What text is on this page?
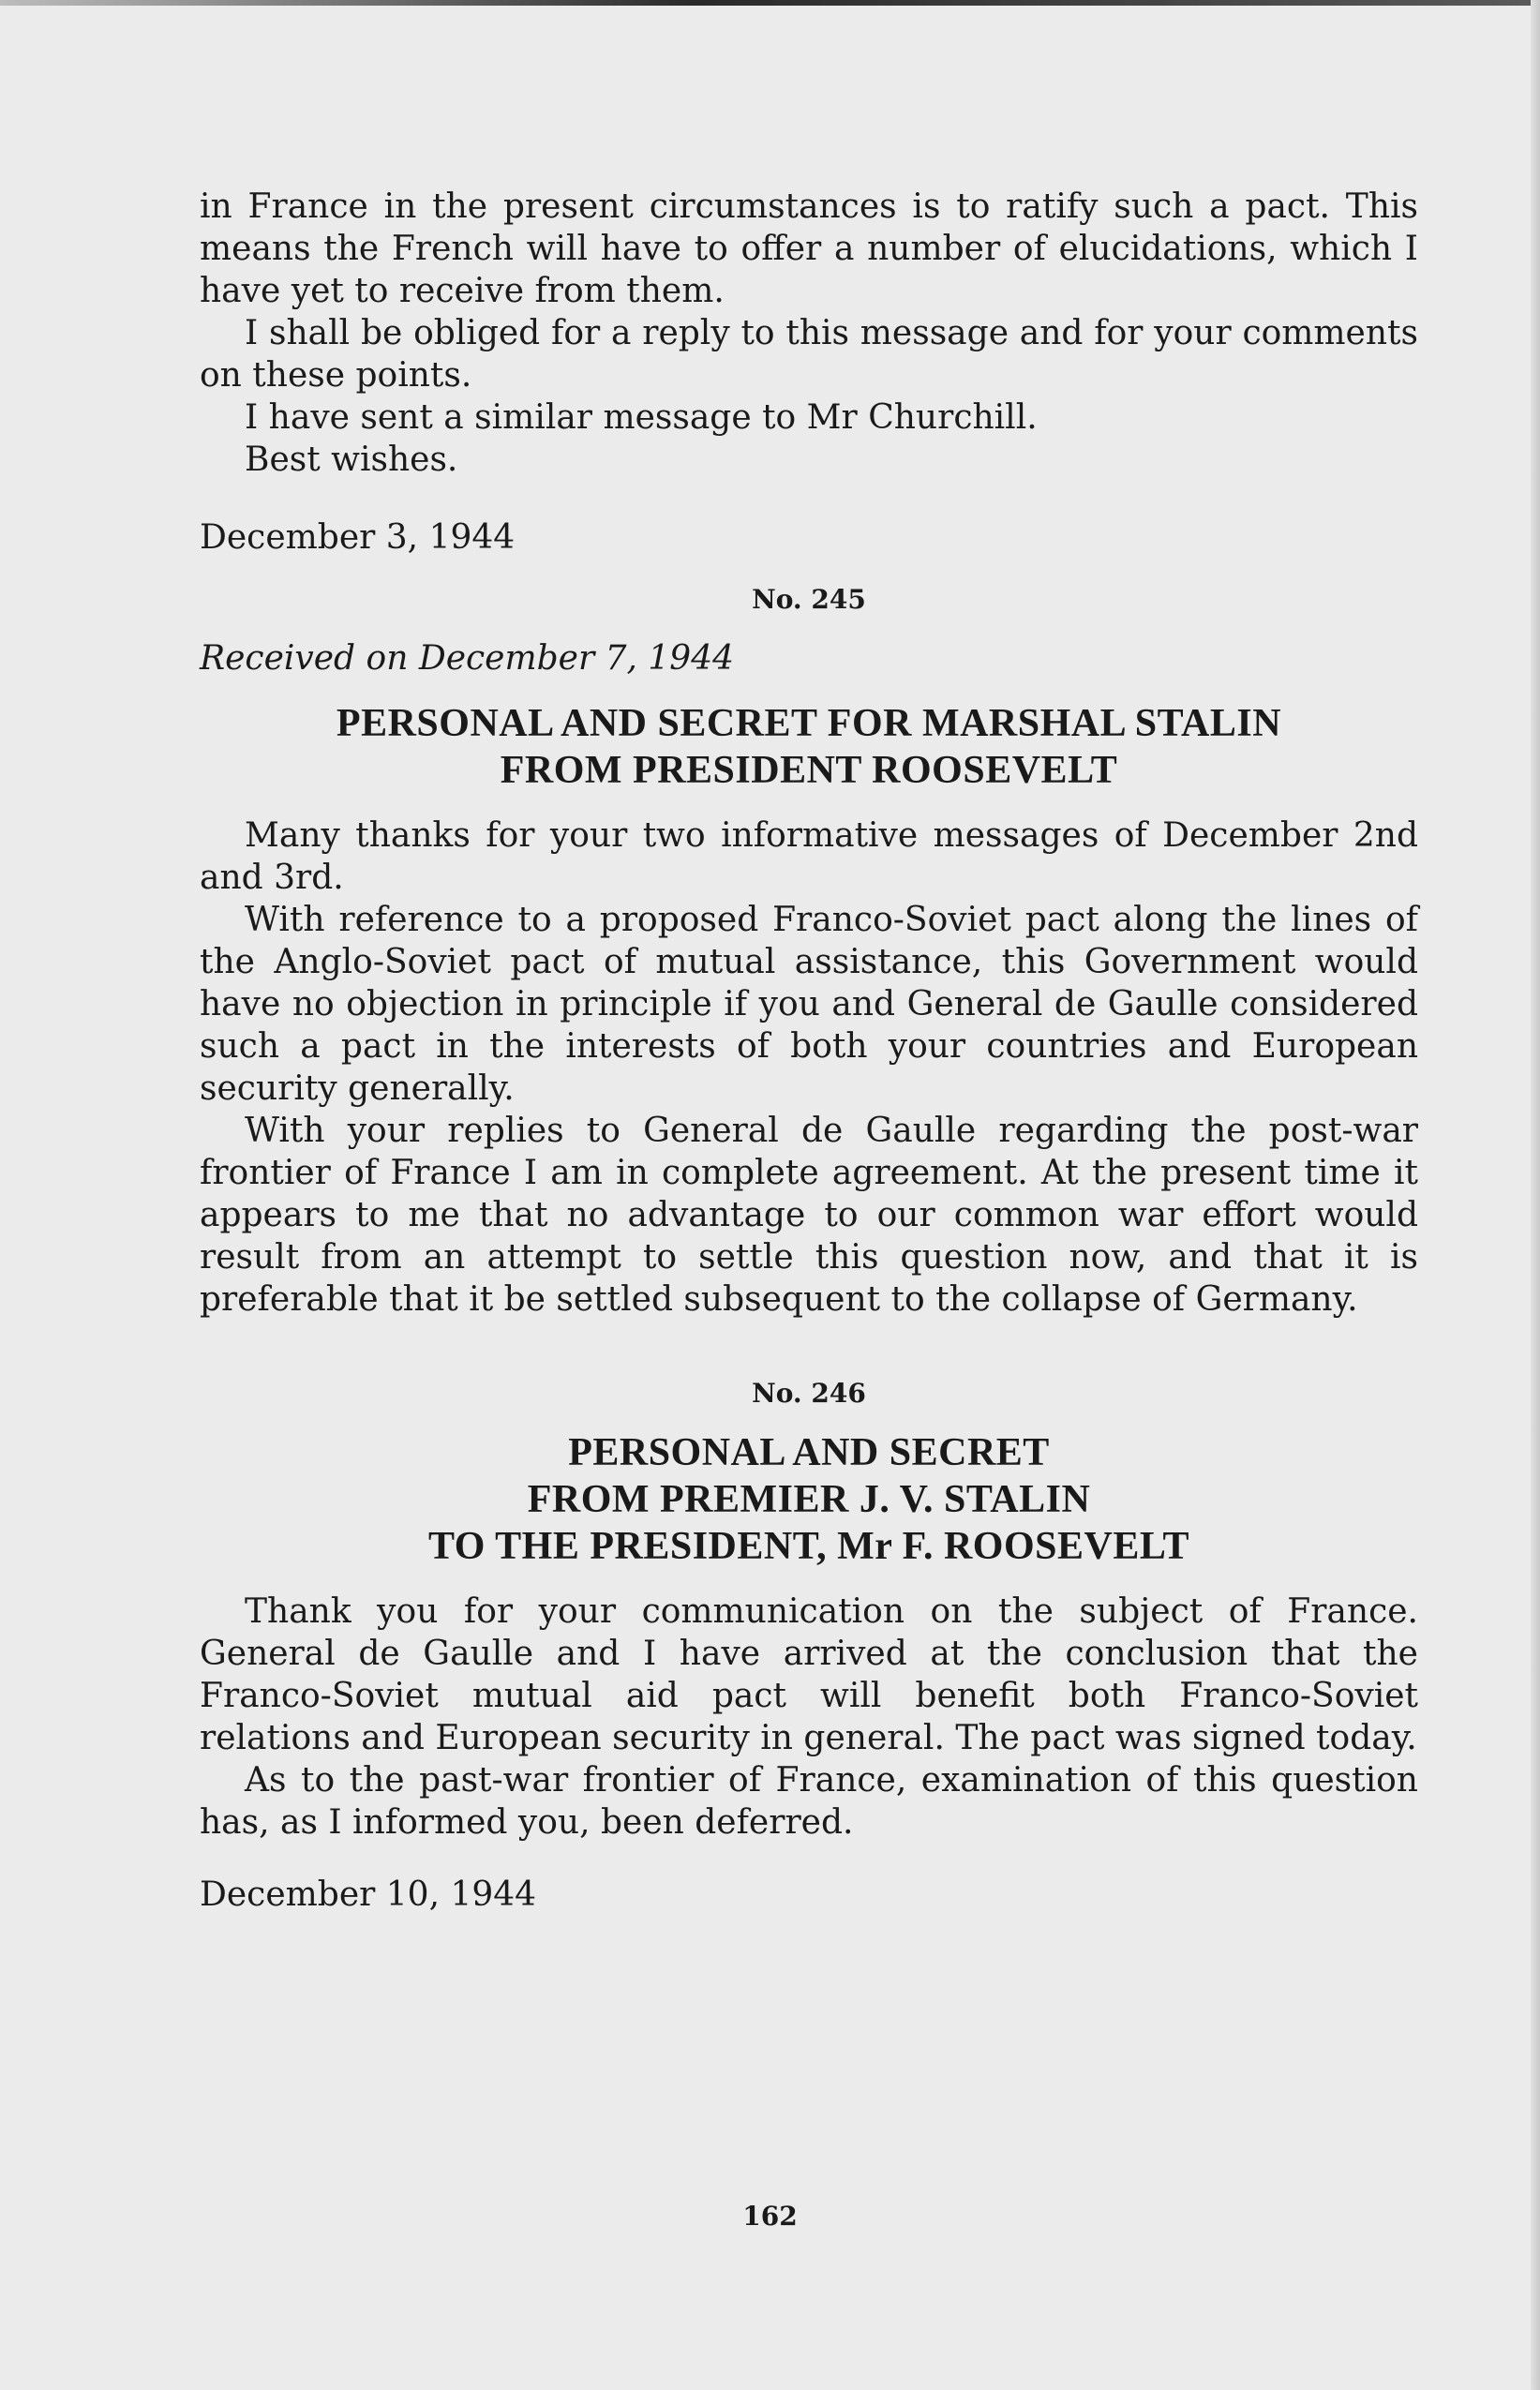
in France in the present circumstances is to ratify such a pact. This means the French will have to offer a number of elucidations, which I have yet to receive from them.

I shall be obliged for a reply to this message and for your comments on these points.

I have sent a similar message to Mr Churchill.

Best wishes.

December 3, 1944
No. 245
Received on December 7, 1944
PERSONAL AND SECRET FOR MARSHAL STALIN
FROM PRESIDENT ROOSEVELT

Many thanks for your two informative messages of December 2nd and 3rd.

With reference to a proposed Franco-Soviet pact along the lines of the Anglo-Soviet pact of mutual assistance, this Government would have no objection in principle if you and General de Gaulle considered such a pact in the interests of both your countries and European security generally.

With your replies to General de Gaulle regarding the post-war frontier of France I am in complete agreement. At the present time it appears to me that no advantage to our common war effort would result from an attempt to settle this question now, and that it is preferable that it be settled subsequent to the collapse of Germany.

No. 246
PERSONAL AND SECRET
FROM PREMIER J. V. STALIN
TO THE PRESIDENT, Mr F. ROOSEVELT

Thank you for your communication on the subject of France. General de Gaulle and I have arrived at the conclusion that the Franco-Soviet mutual aid pact will benefit both Franco-Soviet relations and European security in general. The pact was signed today.

As to the past-war frontier of France, examination of this question has, as I informed you, been deferred.

December 10, 1944
162
